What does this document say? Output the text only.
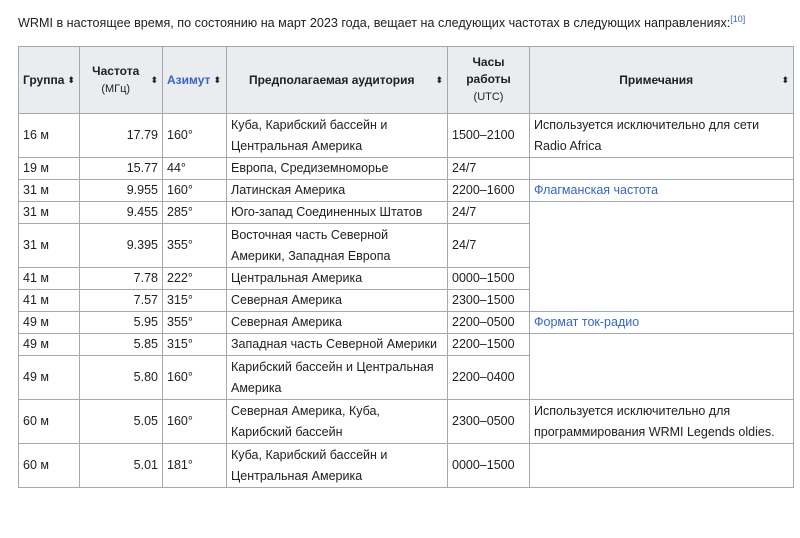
WRMI в настоящее время, по состоянию на март 2023 года, вещает на следующих частотах в следующих направлениях:[10]

Группа ⬍	Частота
(МГц)
⬍	Азимут ⬍	Предполагаемая аудитория ⬍	Часы работы
(UTC)	Примечания ⬍

16 м	17.79	160°	Куба, Карибский бассейн и Центральная Америка	1500–2100	Используется исключительно для сети Radio Africa
19 м	15.77	44°	Европа, Средиземноморье	24/7	
31 м	9.955	160°	Латинская Америка	2200–1600	Флагманская частота
31 м	9.455	285°	Юго-запад Соединенных Штатов	24/7	
31 м	9.395	355°	Восточная часть Северной Америки, Западная Европа	24/7	
41 м	7.78	222°	Центральная Америка	0000–1500	
41 м	7.57	315°	Северная Америка	2300–1500	
49 м	5.95	355°	Северная Америка	2200–0500	Формат ток-радио
49 м	5.85	315°	Западная часть Северной Америки	2200–1500	
49 м	5.80	160°	Карибский бассейн и Центральная Америка	2200–0400	
60 м	5.05	160°	Северная Америка, Куба, Карибский бассейн	2300–0500	Используется исключительно для программирования WRMI Legends oldies.
60 м	5.01	181°	Куба, Карибский бассейн и Центральная Америка	0000–1500	
